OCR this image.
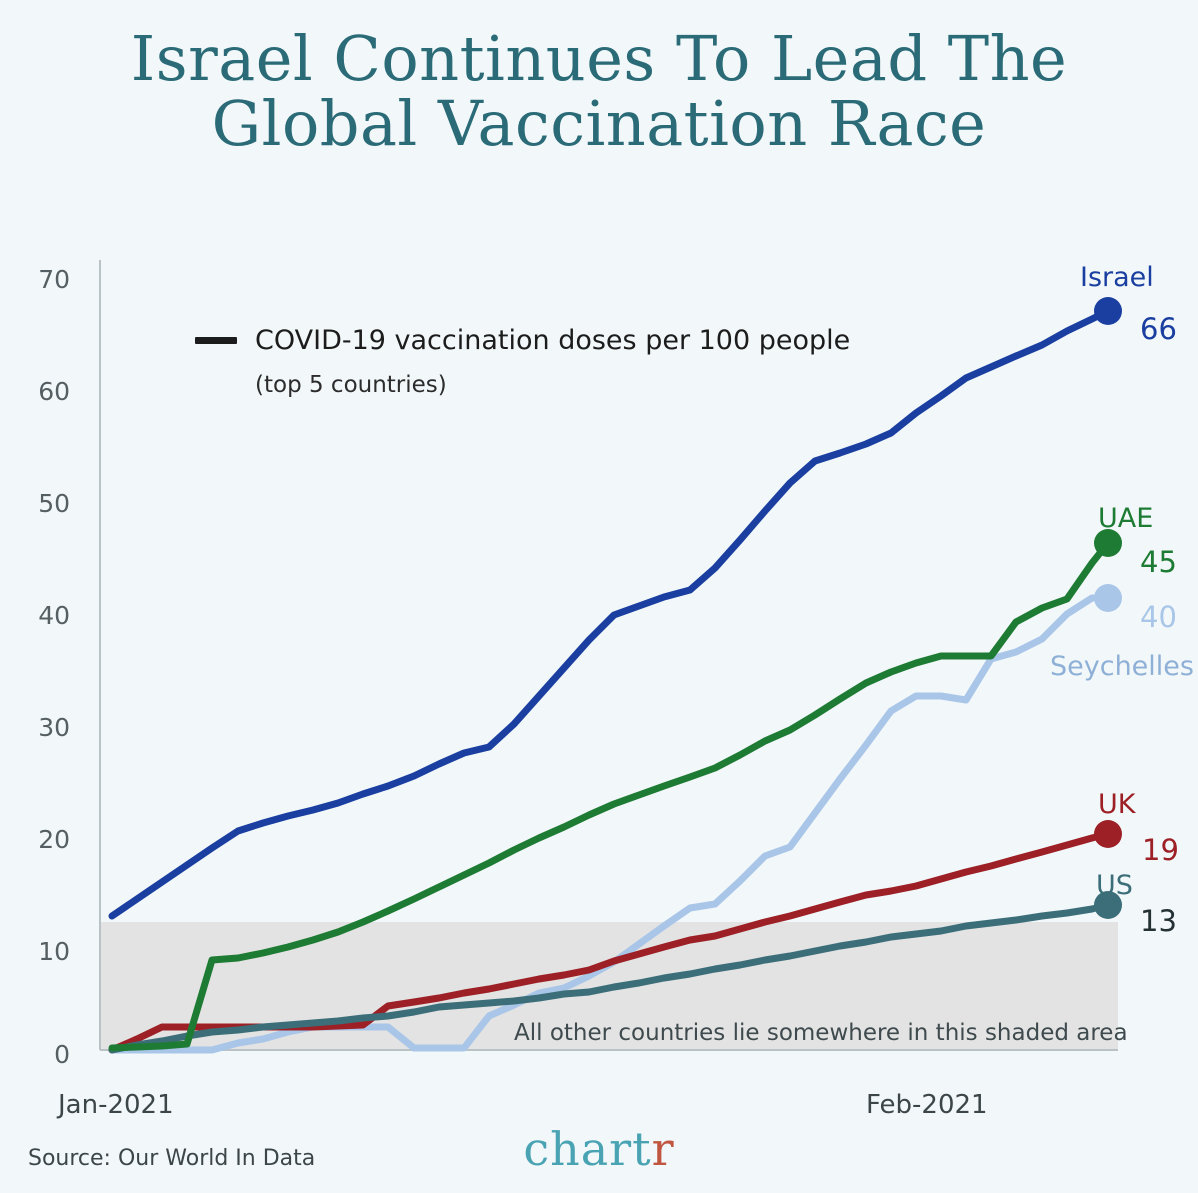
Israel Continues To Lead The
Global Vaccination Race
70
60
50
40
30
20
10
0
Jan-2021	Feb-2021
COVID-19 vaccination doses per 100 people
(top 5 countries)
Israel
66
UAE
45
40
Seychelles
UK
19
US
13
All other countries lie somewhere in this shaded area
Source: Our World In Data	chartr
